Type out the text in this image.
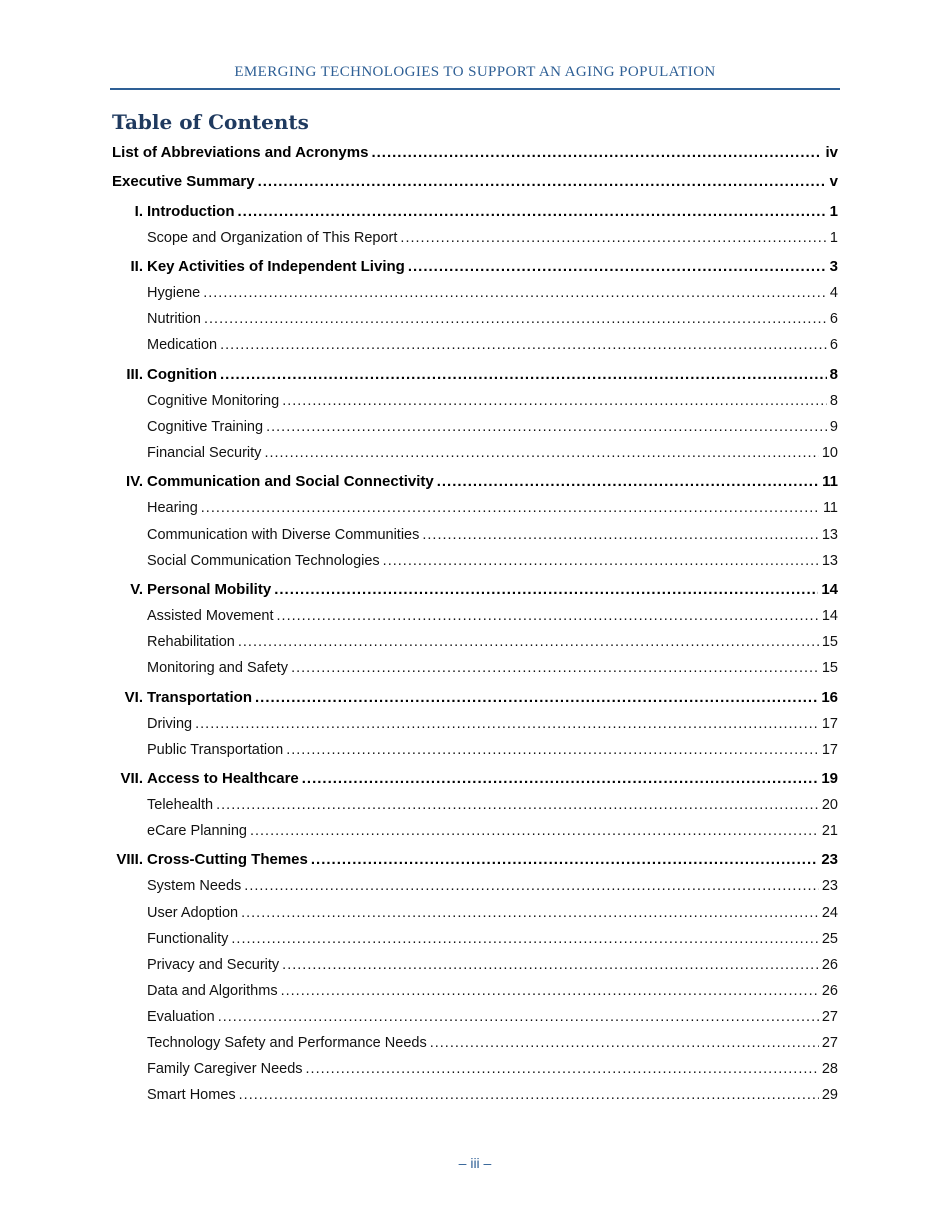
EMERGING TECHNOLOGIES TO SUPPORT AN AGING POPULATION
Table of Contents
List of Abbreviations and Acronyms .....	iv
Executive Summary .....	v
I. Introduction .....	1
Scope and Organization of This Report .....	1
II. Key Activities of Independent Living .....	3
Hygiene .....	4
Nutrition .....	6
Medication .....	6
III. Cognition .....	8
Cognitive Monitoring .....	8
Cognitive Training .....	9
Financial Security .....	10
IV. Communication and Social Connectivity .....	11
Hearing .....	11
Communication with Diverse Communities .....	13
Social Communication Technologies .....	13
V. Personal Mobility .....	14
Assisted Movement .....	14
Rehabilitation .....	15
Monitoring and Safety .....	15
VI. Transportation .....	16
Driving .....	17
Public Transportation .....	17
VII. Access to Healthcare .....	19
Telehealth .....	20
eCare Planning .....	21
VIII. Cross-Cutting Themes .....	23
System Needs .....	23
User Adoption .....	24
Functionality .....	25
Privacy and Security .....	26
Data and Algorithms .....	26
Evaluation .....	27
Technology Safety and Performance Needs .....	27
Family Caregiver Needs .....	28
Smart Homes .....	29
– iii –
